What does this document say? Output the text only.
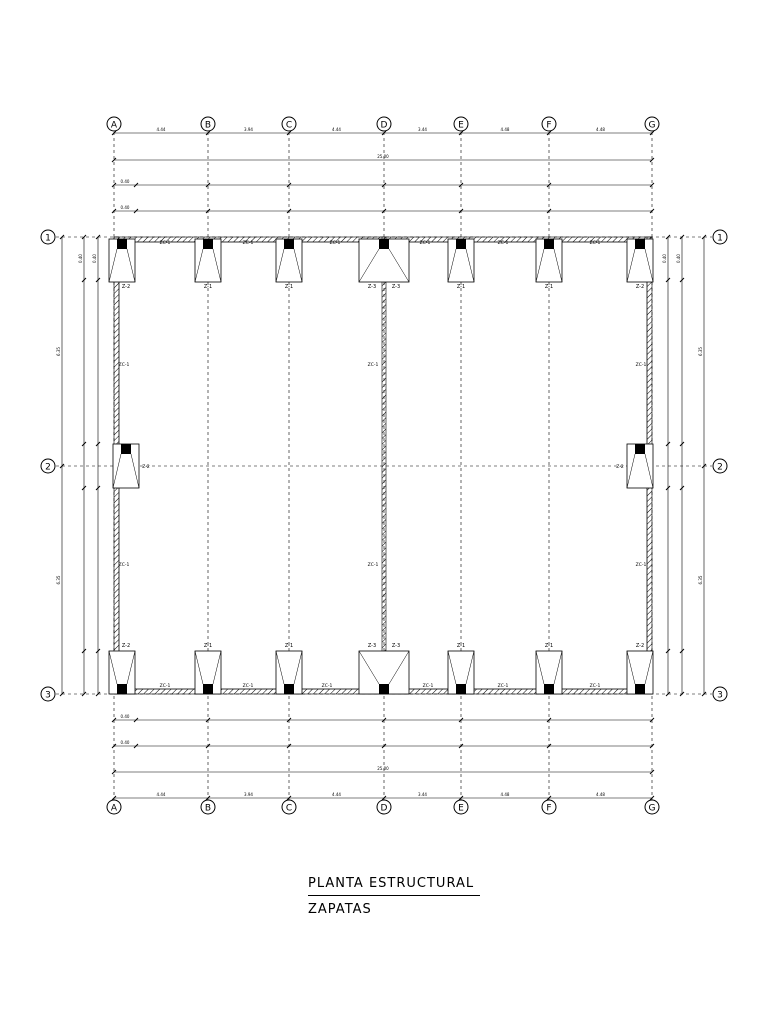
4.44	3.94	4.44	3.44	4.48	4.48
25.00
0.40
0.40
0.40
0.40
25.00
4.44	3.94	4.44	3.44	4.48	4.48
6.35
6.35
0.40 0.40	0.40 0.40
6.35
6.35
A
A
B
B
C
C
D
D
E
E
F
F
G
G
1	1
2	2
3	3
Z-2
Z-2
Z-1
Z-1
Z-1
Z-1
Z-3
Z-3
Z-3
Z-3
Z-1
Z-1
Z-1
Z-1
Z-2
Z-2
ZC-1	ZC-1	ZC-1	ZC-1	ZC-1	ZC-1
ZC-1	ZC-1	ZC-1	ZC-1	ZC-1	ZC-1
ZC-1
ZC-1
ZC-1
ZC-1
ZC-1
ZC-1
Z-2	Z-2
PLANTA ESTRUCTURAL
ZAPATAS
